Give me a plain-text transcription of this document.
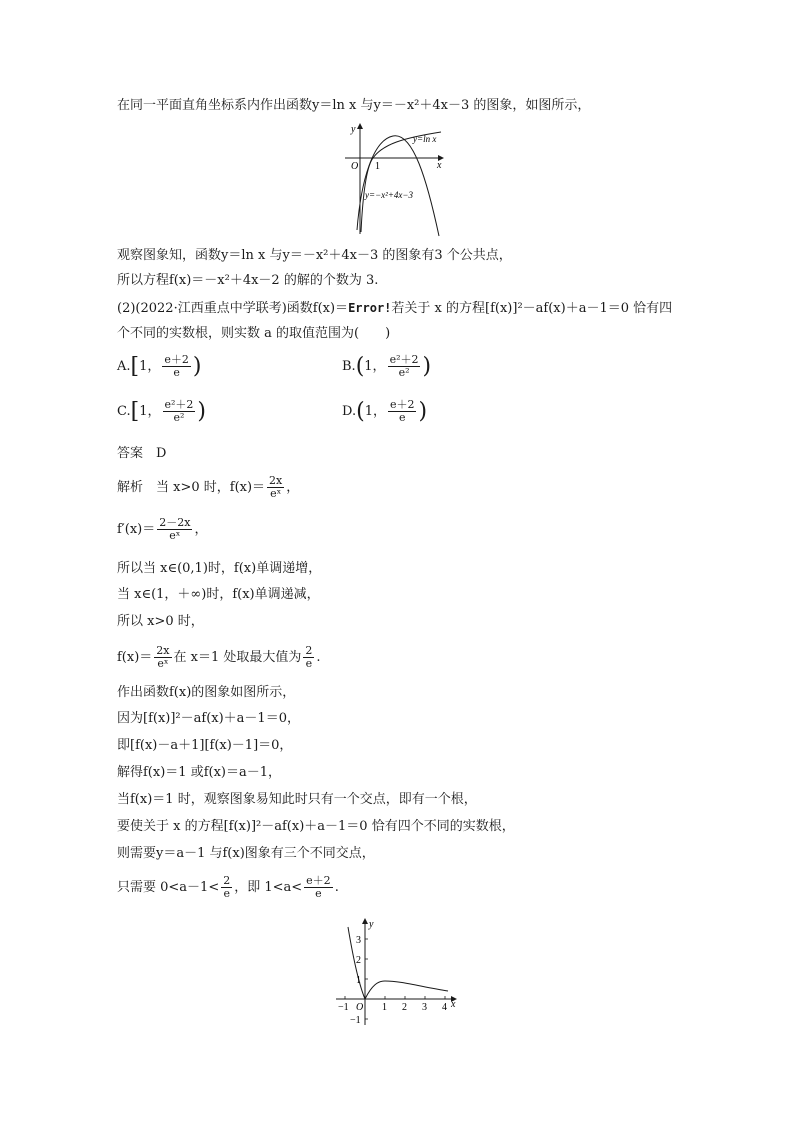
在同一平面直角坐标系内作出函数y＝ln x 与y＝－x²＋4x－3 的图象，如图所示，
y
x
O 1
y=ln x
y=−x²+4x−3
观察图象知，函数y＝ln x 与y＝－x²＋4x－3 的图象有3 个公共点，
所以方程f(x)＝－x²＋4x－2 的解的个数为 3.
(2)(2022·江西重点中学联考)函数f(x)＝Error!若关于 x 的方程[f(x)]²－af(x)＋a－1＝0 恰有四
个不同的实数根，则实数 a 的取值范围为(　　)
A.[1， $\frac{e+2}{e}$ )	B.(1， $\frac{\text{e²＋2}}{\text{e²}}$ )
C.[1， $\frac{\text{e²＋2}}{\text{e²}}$ )	D.(1， $\frac{e+2}{e}$ )
答案　D
解析　当 x>0 时，$f(x)= \frac{2x}{\text{eˣ}}$ ，
$f'(x)= \frac{2-2x}{\text{eˣ}}$ ，
所以当 x∈(0,1)时，f(x)单调递增，
当 x∈(1，＋∞)时，f(x)单调递减，
所以 x>0 时，
$f(x)= \frac{2x}{\text{eˣ}}$ 在 x＝1 处取最大值为 $\frac{2}{e}$ .
作出函数f(x)的图象如图所示，
因为[f(x)]²－af(x)＋a－1＝0，
即[f(x)－a＋1][f(x)－1]＝0，
解得f(x)＝1 或f(x)＝a－1，
当f(x)＝1 时，观察图象易知此时只有一个交点，即有一个根，
要使关于 x 的方程[f(x)]²－af(x)＋a－1＝0 恰有四个不同的实数根，
则需要y＝a－1 与f(x)图象有三个不同交点，
只需要 $0<a-1< \frac{2}{e}$ ，即 $1<a< \frac{e+2}{e}$ .
y
x
O
−1	1 2 3 4
3
2
1
−1
